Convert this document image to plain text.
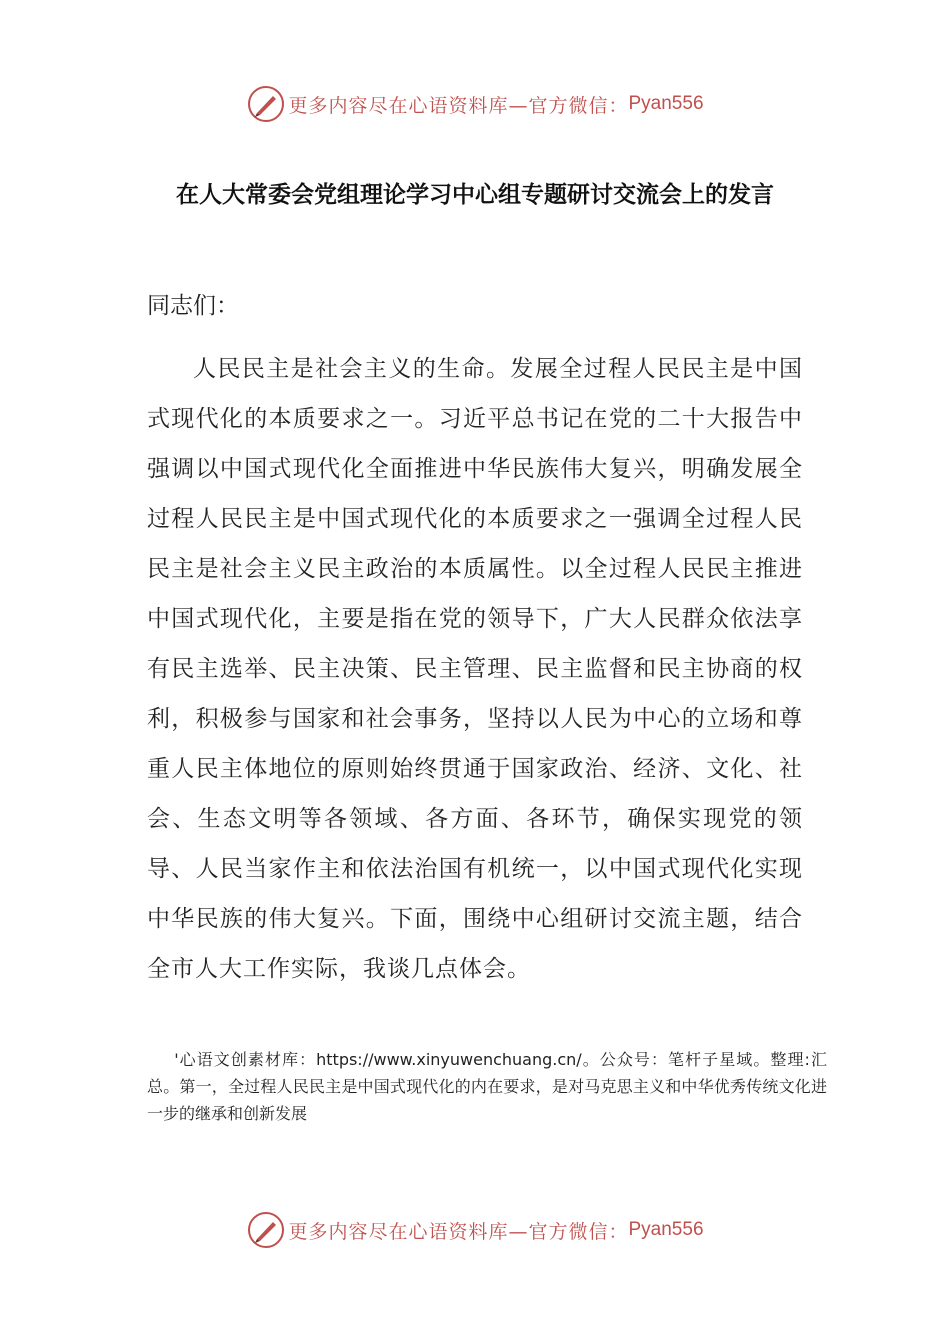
更多内容尽在心语资料库—官方微信： Pyan556
在人大常委会党组理论学习中心组专题研讨交流会上的发言

同志们：

人民民主是社会主义的生命。发展全过程人民民主是中国式现代化的本质要求之一。习近平总书记在党的二十大报告中强调以中国式现代化全面推进中华民族伟大复兴，明确发展全过程人民民主是中国式现代化的本质要求之一强调全过程人民民主是社会主义民主政治的本质属性。以全过程人民民主推进中国式现代化，主要是指在党的领导下，广大人民群众依法享有民主选举、民主决策、民主管理、民主监督和民主协商的权利，积极参与国家和社会事务，坚持以人民为中心的立场和尊重人民主体地位的原则始终贯通于国家政治、经济、文化、社会、生态文明等各领域、各方面、各环节，确保实现党的领导、人民当家作主和依法治国有机统一，以中国式现代化实现中华民族的伟大复兴。下面，围绕中心组研讨交流主题，结合全市人大工作实际，我谈几点体会。

'心语文创素材库：https://www.xinyuwenchuang.cn/。公众号：笔杆子星域。整理:汇总。第一，全过程人民民主是中国式现代化的内在要求，是对马克思主义和中华优秀传统文化进一步的继承和创新发展

更多内容尽在心语资料库—官方微信： Pyan556
